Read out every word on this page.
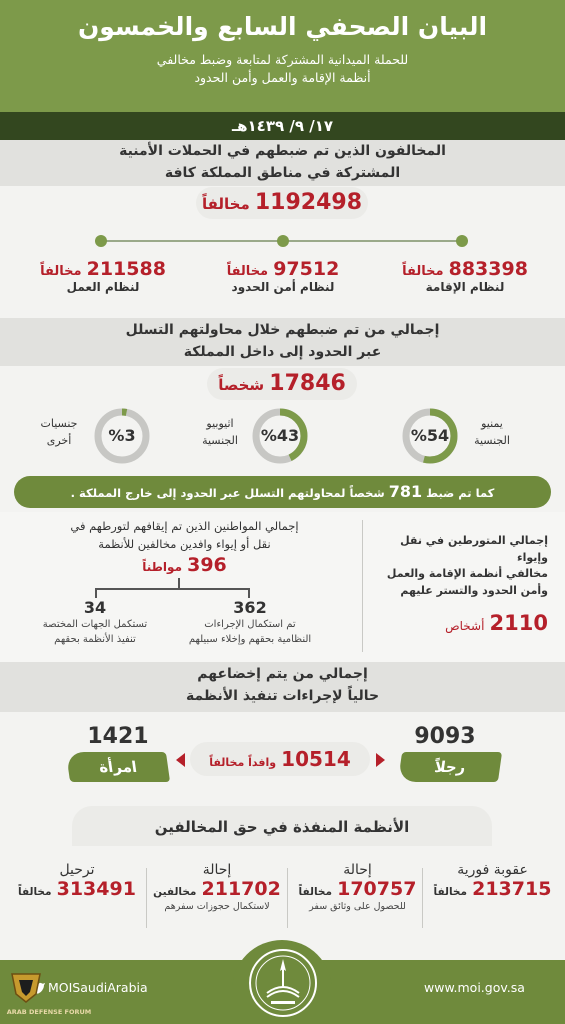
البيان الصحفي السابع والخمسون
للحملة الميدانية المشتركة لمتابعة وضبط مخالفي
أنظمة الإقامة والعمل وأمن الحدود
١٧/ ٩/ ١٤٣٩هـ
المخالفون الذين تم ضبطهم في الحملات الأمنية
المشتركة في مناطق المملكة كافة
1192498 مخالفاً
883398 مخالفاً
لنظام الإقامة
97512 مخالفاً
لنظام أمن الحدود
211588 مخالفاً
لنظام العمل
إجمالي من تم ضبطهم خلال محاولتهم التسلل
عبر الحدود إلى داخل المملكة
17846 شخصاً
%54
يمنيو
الجنسية
%43
اثيوبيو
الجنسية
%3
جنسيات
أخرى
كما تم ضبط 781 شخصاً لمحاولتهم التسلل عبر الحدود إلى خارج المملكة .
إجمالي المتورطين في نقل وإيواء
مخالفي أنظمة الإقامة والعمل
وأمن الحدود والتستر عليهم
2110 أشخاص
إجمالي المواطنين الذين تم إيقافهم لتورطهم في
نقل أو إيواء وافدين مخالفين للأنظمة
396 مواطناً
362
تم استكمال الإجراءات
النظامية بحقهم وإخلاء سبيلهم
34
تستكمل الجهات المختصة
تنفيذ الأنظمة بحقهم
إجمالي من يتم إخضاعهم
حالياً لإجراءات تنفيذ الأنظمة
9093
رجلاً
1421
امرأة	10514 وافداً مخالفاً
الأنظمة المنفذة في حق المخالفين
عقوبة فورية
213715 مخالفاً
إحالة
170757 مخالفاً
للحصول على وثائق سفر
إحالة
211702 مخالفين
لاستكمال حجوزات سفرهم
ترحيل
313491 مخالفاً
www.moi.gov.sa
MOISaudiArabia
ARAB DEFENSE FORUM
